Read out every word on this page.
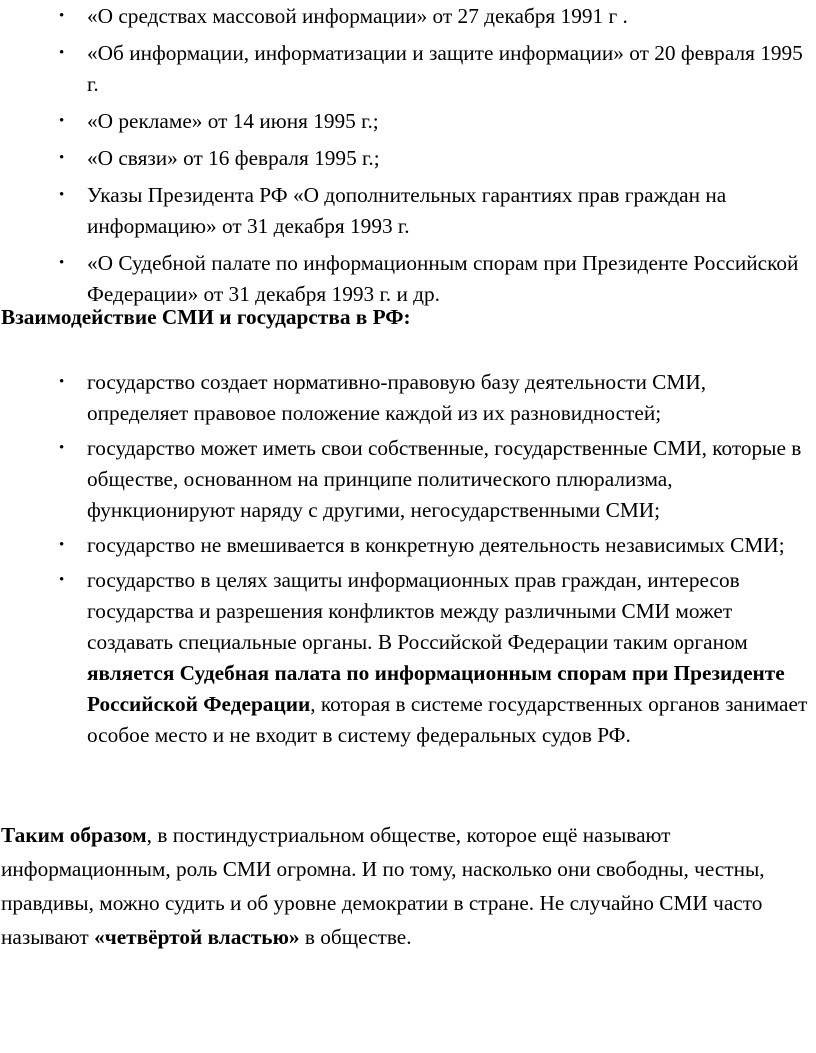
• «О средствах массовой информации» от 27 декабря 1991 г .
• «Об информации, информатизации и защите информации» от 20 февраля 1995 г.
• «О рекламе» от 14 июня 1995 г.;
• «О связи» от 16 февраля 1995 г.;
• Указы Президента РФ «О дополнительных гарантиях прав граждан на информацию» от 31 декабря 1993 г.
• «О Судебной палате по информационным спорам при Президенте Российской Федерации» от 31 декабря 1993 г. и др.
Взаимодействие СМИ и государства в РФ:
• государство создает нормативно-правовую базу деятельности СМИ, определяет правовое положение каждой из их разновидностей;
• государство может иметь свои собственные, государственные СМИ, которые в обществе, основанном на принципе политического плюрализма, функционируют наряду с другими, негосударственными СМИ;
• государство не вмешивается в конкретную деятельность независимых СМИ;
• государство в целях защиты информационных прав граждан, интересов государства и разрешения конфликтов между различными СМИ может создавать специальные органы. В Российской Федерации таким органом является Судебная палата по информационным спорам при Президенте Российской Федерации, которая в системе государственных органов занимает особое место и не входит в систему федеральных судов РФ.

Таким образом, в постиндустриальном обществе, которое ещё называют информационным, роль СМИ огромна. И по тому, насколько они свободны, честны, правдивы, можно судить и об уровне демократии в стране. Не случайно СМИ часто называют «четвёртой властью» в обществе.
